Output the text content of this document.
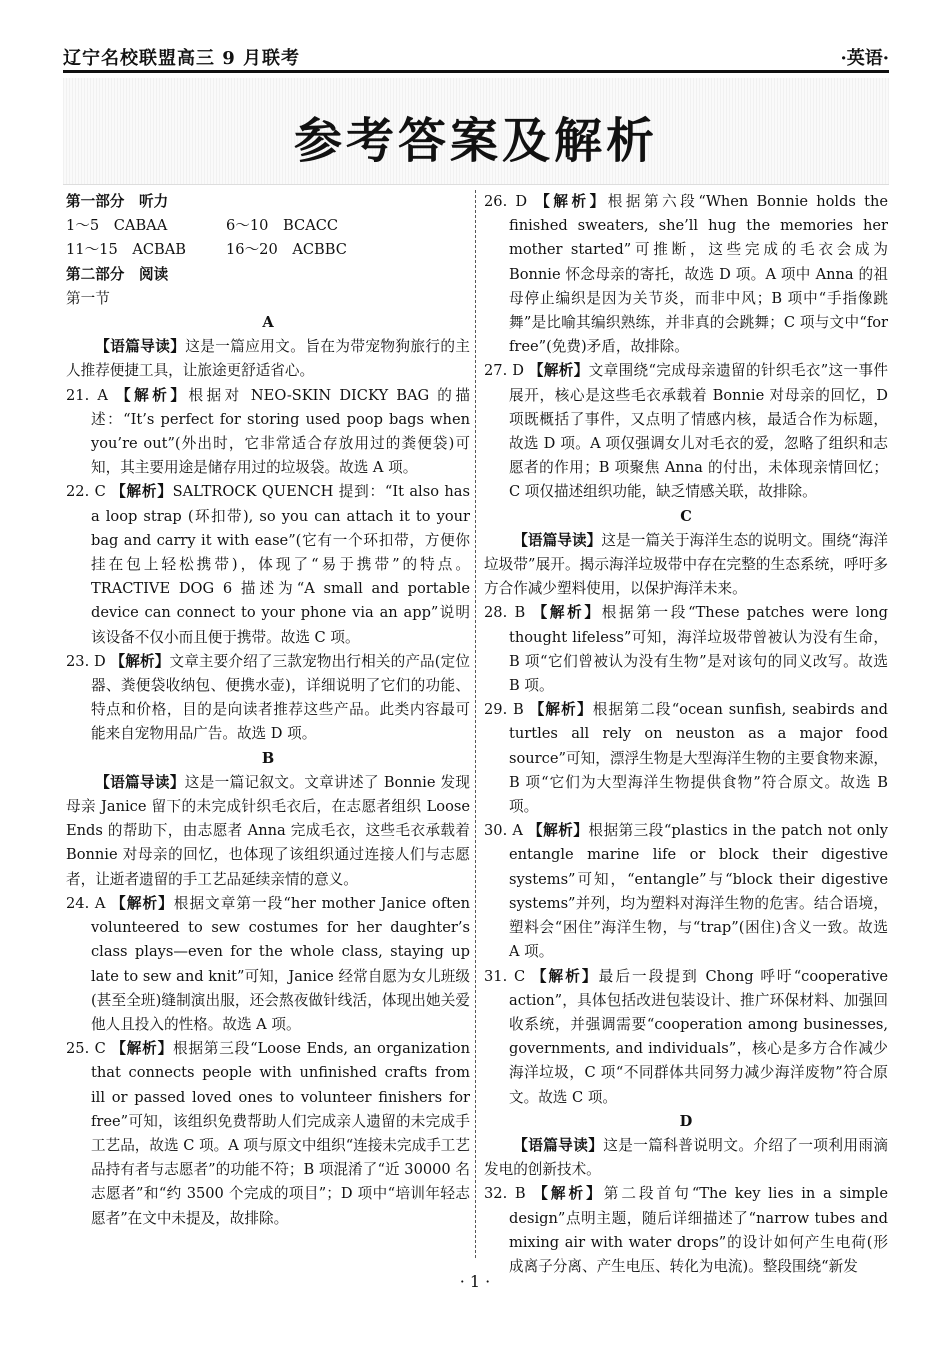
辽宁名校联盟高三 9 月联考	·英语·
参考答案及解析

第一部分　听力

1～5　CABAA	6～10　BCACC
11～15　ACBAB	16～20　ACBBC

第二部分　阅读

第一节

A

【语篇导读】这是一篇应用文。旨在为带宠物狗旅行的主人推荐便捷工具，让旅途更舒适省心。

21. A 【解析】根据对 NEO-SKIN DICKY BAG 的描述：“It’s perfect for storing used poop bags when you’re out”(外出时，它非常适合存放用过的粪便袋)可知，其主要用途是储存用过的垃圾袋。故选 A 项。

22. C 【解析】SALTROCK QUENCH 提到：“It also has a loop strap (环扣带), so you can attach it to your bag and carry it with ease”(它有一个环扣带，方便你挂在包上轻松携带)，体现了“易于携带”的特点。TRACTIVE DOG 6 描述为“A small and portable device can connect to your phone via an app”说明该设备不仅小而且便于携带。故选 C 项。

23. D 【解析】文章主要介绍了三款宠物出行相关的产品(定位器、粪便袋收纳包、便携水壶)，详细说明了它们的功能、特点和价格，目的是向读者推荐这些产品。此类内容最可能来自宠物用品广告。故选 D 项。

B

【语篇导读】这是一篇记叙文。文章讲述了 Bonnie 发现母亲 Janice 留下的未完成针织毛衣后，在志愿者组织 Loose Ends 的帮助下，由志愿者 Anna 完成毛衣，这些毛衣承载着 Bonnie 对母亲的回忆，也体现了该组织通过连接人们与志愿者，让逝者遗留的手工艺品延续亲情的意义。

24. A 【解析】根据文章第一段“her mother Janice often volunteered to sew costumes for her daughter’s class plays—even for the whole class, staying up late to sew and knit”可知，Janice 经常自愿为女儿班级(甚至全班)缝制演出服，还会熬夜做针线活，体现出她关爱他人且投入的性格。故选 A 项。

25. C 【解析】根据第三段“Loose Ends, an organization that connects people with unfinished crafts from ill or passed loved ones to volunteer finishers for free”可知，该组织免费帮助人们完成亲人遗留的未完成手工艺品，故选 C 项。A 项与原文中组织“连接未完成手工艺品持有者与志愿者”的功能不符；B 项混淆了“近 30000 名志愿者”和“约 3500 个完成的项目”；D 项中“培训年轻志愿者”在文中未提及，故排除。

26. D 【解析】根据第六段“When Bonnie holds the finished sweaters, she’ll hug the memories her mother started”可推断，这些完成的毛衣会成为 Bonnie 怀念母亲的寄托，故选 D 项。A 项中 Anna 的祖母停止编织是因为关节炎，而非中风；B 项中“手指像跳舞”是比喻其编织熟练，并非真的会跳舞；C 项与文中“for free”(免费)矛盾，故排除。

27. D 【解析】文章围绕“完成母亲遗留的针织毛衣”这一事件展开，核心是这些毛衣承载着 Bonnie 对母亲的回忆，D 项既概括了事件，又点明了情感内核，最适合作为标题，故选 D 项。A 项仅强调女儿对毛衣的爱，忽略了组织和志愿者的作用；B 项聚焦 Anna 的付出，未体现亲情回忆；C 项仅描述组织功能，缺乏情感关联，故排除。

C

【语篇导读】这是一篇关于海洋生态的说明文。围绕“海洋垃圾带”展开。揭示海洋垃圾带中存在完整的生态系统，呼吁多方合作减少塑料使用，以保护海洋未来。

28. B 【解析】根据第一段“These patches were long thought lifeless”可知，海洋垃圾带曾被认为没有生命，B 项“它们曾被认为没有生物”是对该句的同义改写。故选 B 项。

29. B 【解析】根据第二段“ocean sunfish, seabirds and turtles all rely on neuston as a major food source”可知，漂浮生物是大型海洋生物的主要食物来源，B 项“它们为大型海洋生物提供食物”符合原文。故选 B 项。

30. A 【解析】根据第三段“plastics in the patch not only entangle marine life or block their digestive systems”可知，“entangle”与“block their digestive systems”并列，均为塑料对海洋生物的危害。结合语境，塑料会“困住”海洋生物，与“trap”(困住)含义一致。故选 A 项。

31. C 【解析】最后一段提到 Chong 呼吁“cooperative action”，具体包括改进包装设计、推广环保材料、加强回收系统，并强调需要“cooperation among businesses, governments, and individuals”，核心是多方合作减少海洋垃圾，C 项“不同群体共同努力减少海洋废物”符合原文。故选 C 项。

D

【语篇导读】这是一篇科普说明文。介绍了一项利用雨滴发电的创新技术。

32. B 【解析】第二段首句“The key lies in a simple design”点明主题，随后详细描述了“narrow tubes and mixing air with water drops”的设计如何产生电荷(形成离子分离、产生电压、转化为电流)。整段围绕“新发

· 1 ·
